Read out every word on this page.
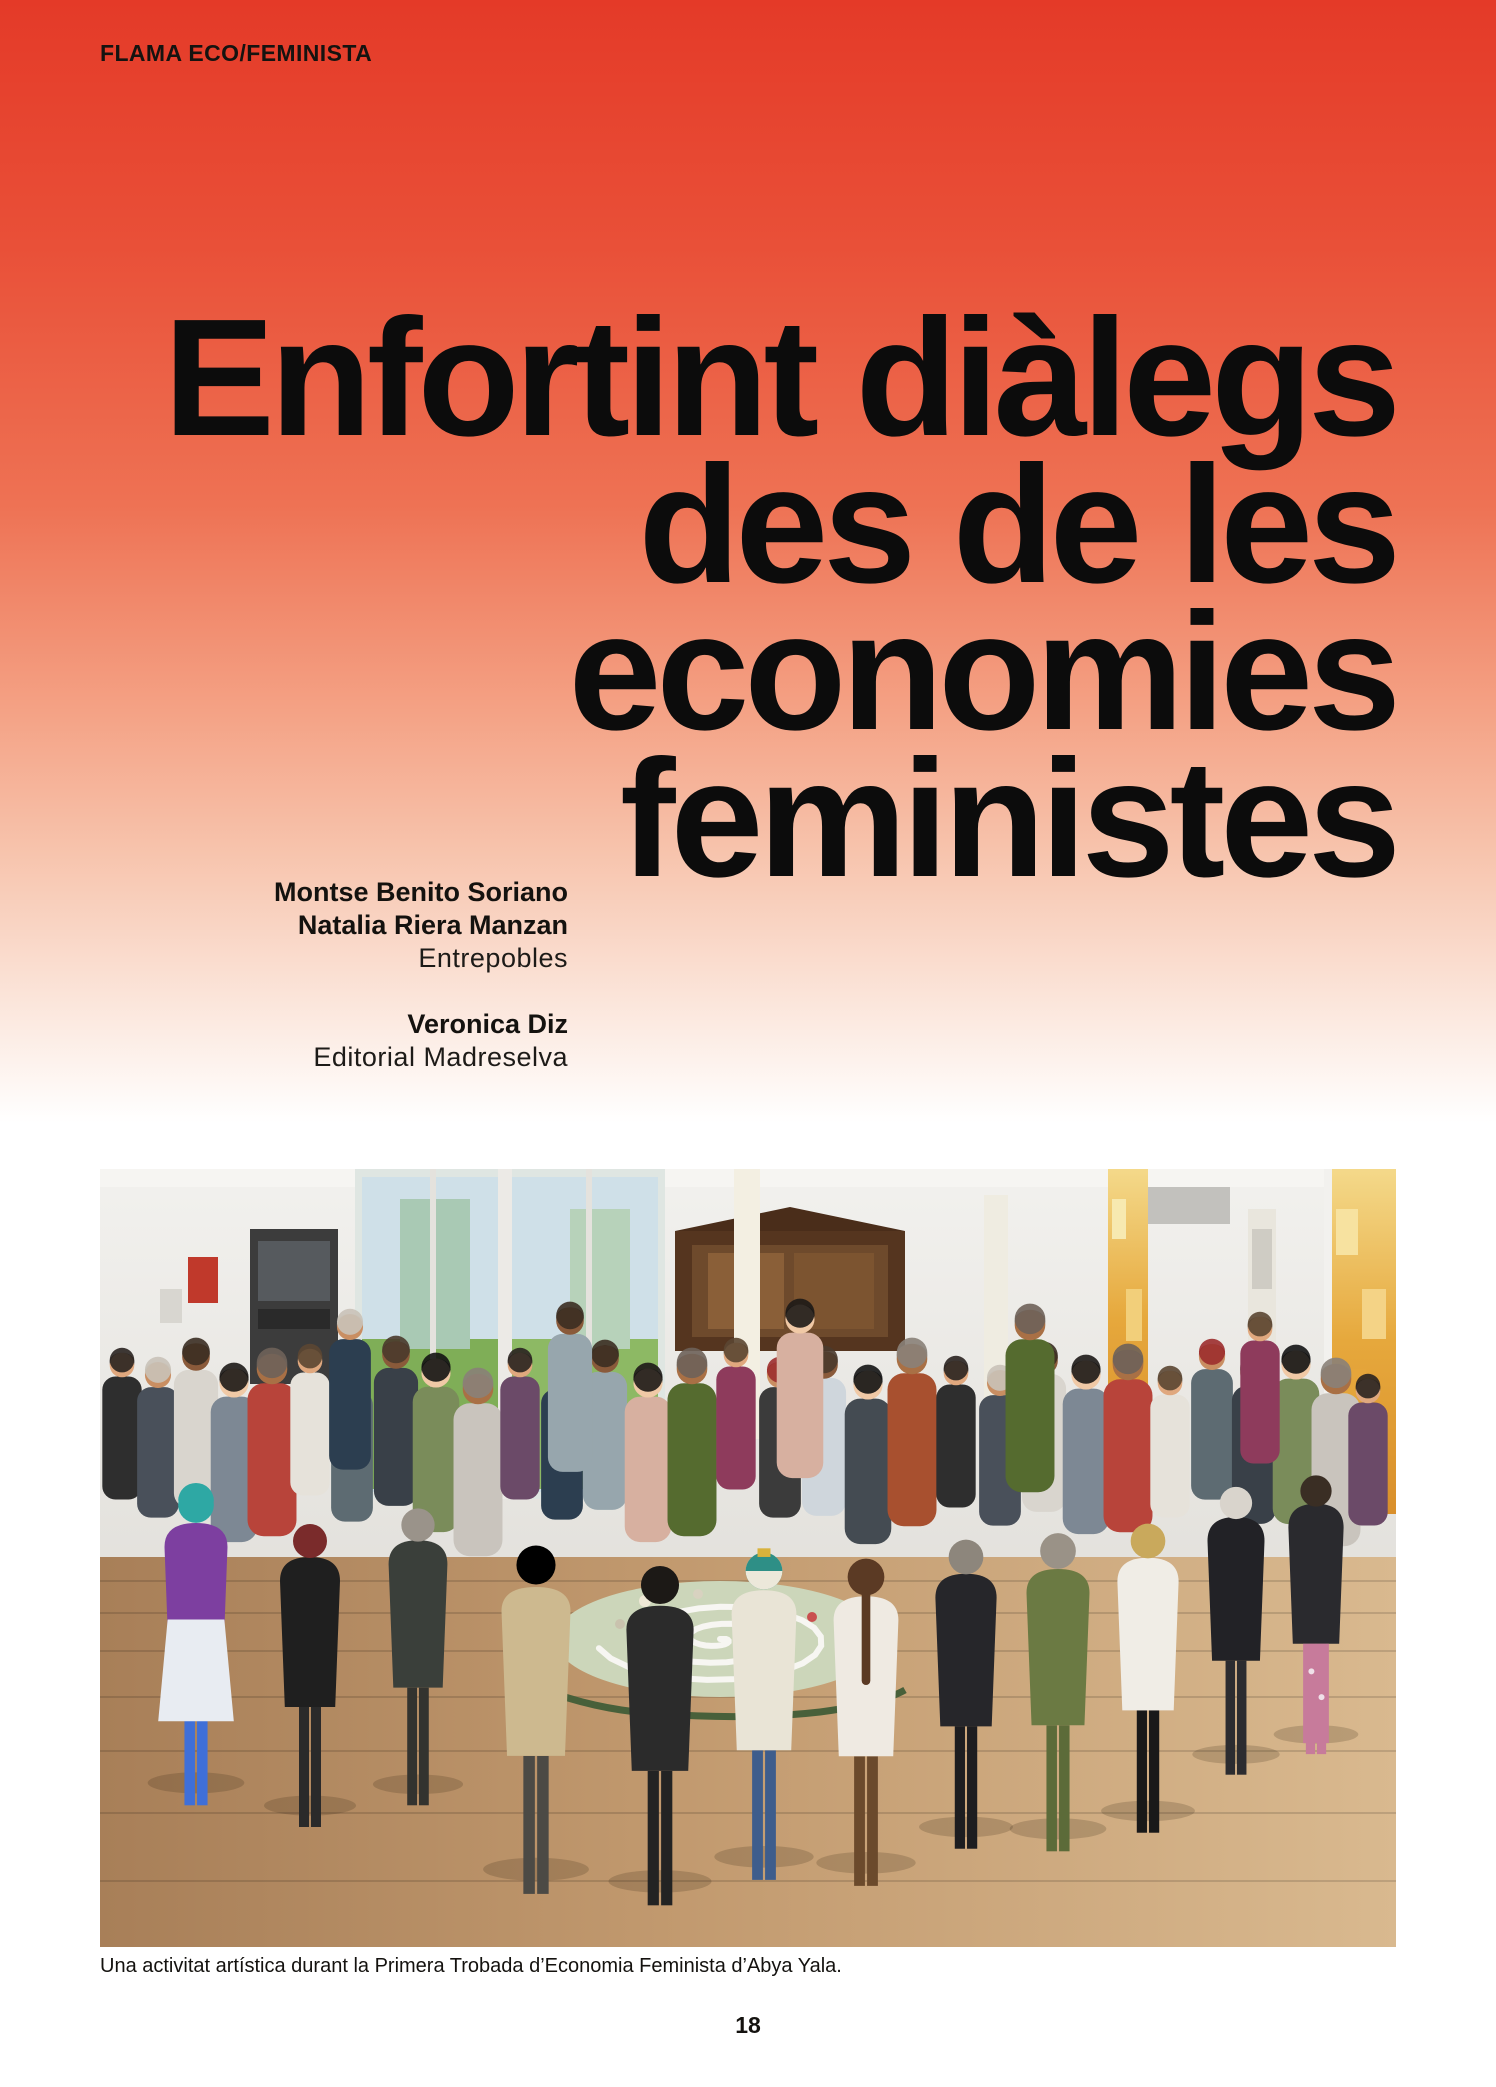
FLAMA ECO/FEMINISTA
Enfortint diàlegs
des de les
economies
feministes
Montse Benito Soriano
Natalia Riera Manzan
Entrepobles
Veronica Diz
Editorial Madreselva
Una activitat artística durant la Primera Trobada d’Economia Feminista d’Abya Yala.
18
